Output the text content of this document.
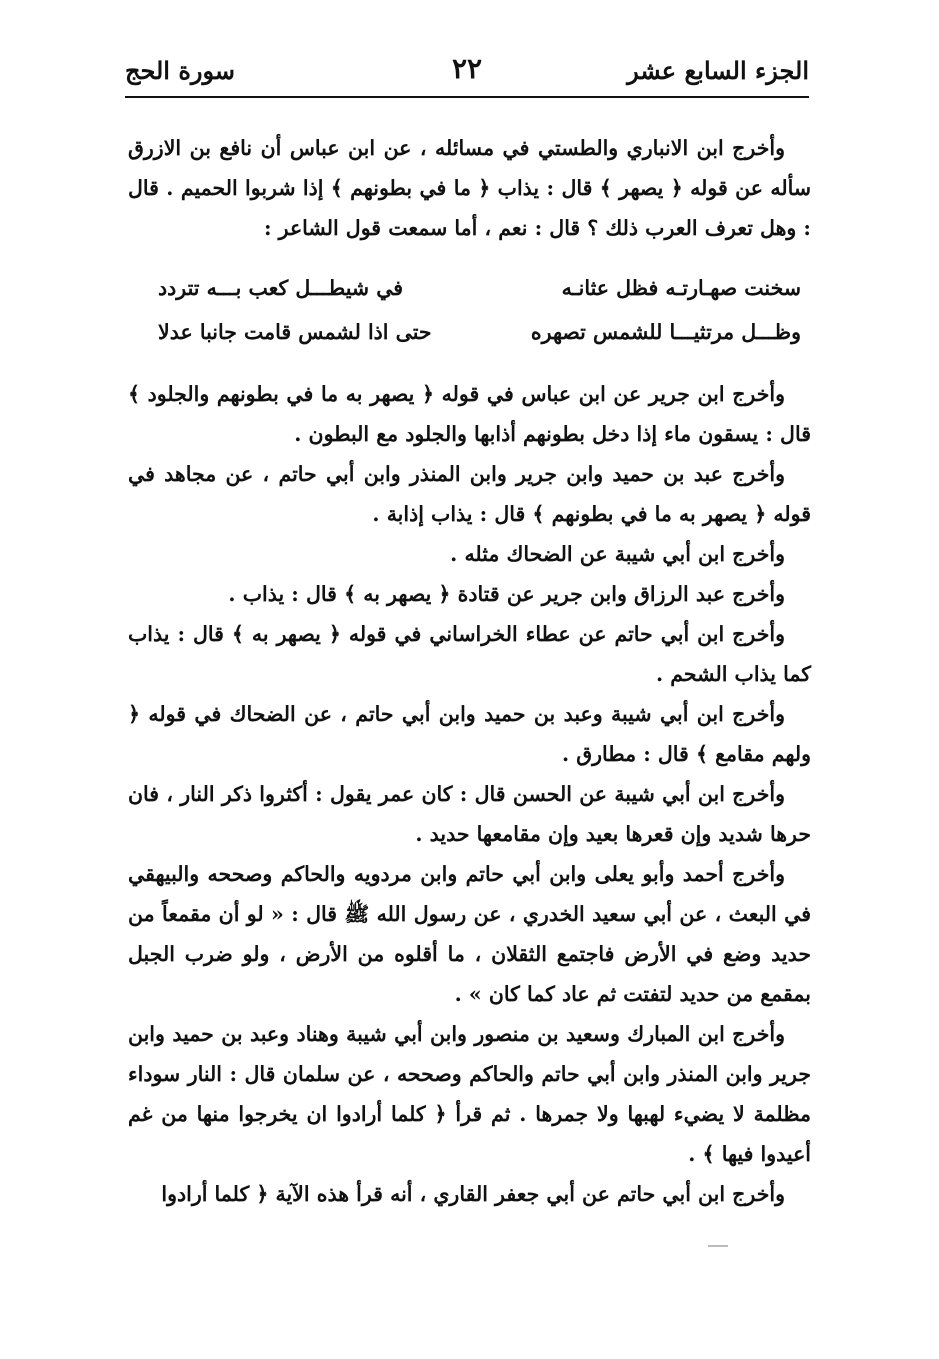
الجزء السابع عشر
٢٢
سورة الحج

وأخرج ابن الانباري والطستي في مسائله ، عن ابن عباس أن نافع بن الازرق سأله عن قوله ﴿ يصهر ﴾ قال : يذاب ﴿ ما في بطونهم ﴾ إذا شربوا الحميم . قال : وهل تعرف العرب ذلك ؟ قال : نعم ، أما سمعت قول الشاعر :

سخنت صهـارتـه فظل عثانـه
في شيطـــل كعب بـــه تتردد
وظـــل مرتثيـــا للشمس تصهره
حتى اذا لشمس قامت جانبا عدلا

وأخرج ابن جرير عن ابن عباس في قوله ﴿ يصهر به ما في بطونهم والجلود ﴾ قال : يسقون ماء إذا دخل بطونهم أذابها والجلود مع البطون .

وأخرج عبد بن حميد وابن جرير وابن المنذر وابن أبي حاتم ، عن مجاهد في قوله ﴿ يصهر به ما في بطونهم ﴾ قال : يذاب إذابة .

وأخرج ابن أبي شيبة عن الضحاك مثله .

وأخرج عبد الرزاق وابن جرير عن قتادة ﴿ يصهر به ﴾ قال : يذاب .

وأخرج ابن أبي حاتم عن عطاء الخراساني في قوله ﴿ يصهر به ﴾ قال : يذاب كما يذاب الشحم .

وأخرج ابن أبي شيبة وعبد بن حميد وابن أبي حاتم ، عن الضحاك في قوله ﴿ ولهم مقامع ﴾ قال : مطارق .

وأخرج ابن أبي شيبة عن الحسن قال : كان عمر يقول : أكثروا ذكر النار ، فان حرها شديد وإن قعرها بعيد وإن مقامعها حديد .

وأخرج أحمد وأبو يعلى وابن أبي حاتم وابن مردويه والحاكم وصححه والبيهقي في البعث ، عن أبي سعيد الخدري ، عن رسول الله ﷺ قال : « لو أن مقمعاً من حديد وضع في الأرض فاجتمع الثقلان ، ما أقلوه من الأرض ، ولو ضرب الجبل بمقمع من حديد لتفتت ثم عاد كما كان » .

وأخرج ابن المبارك وسعيد بن منصور وابن أبي شيبة وهناد وعبد بن حميد وابن جرير وابن المنذر وابن أبي حاتم والحاكم وصححه ، عن سلمان قال : النار سوداء مظلمة لا يضيء لهبها ولا جمرها . ثم قرأ ﴿ كلما أرادوا ان يخرجوا منها من غم أعيدوا فيها ﴾ .

وأخرج ابن أبي حاتم عن أبي جعفر القاري ، أنه قرأ هذه الآية ﴿ كلما أرادوا
